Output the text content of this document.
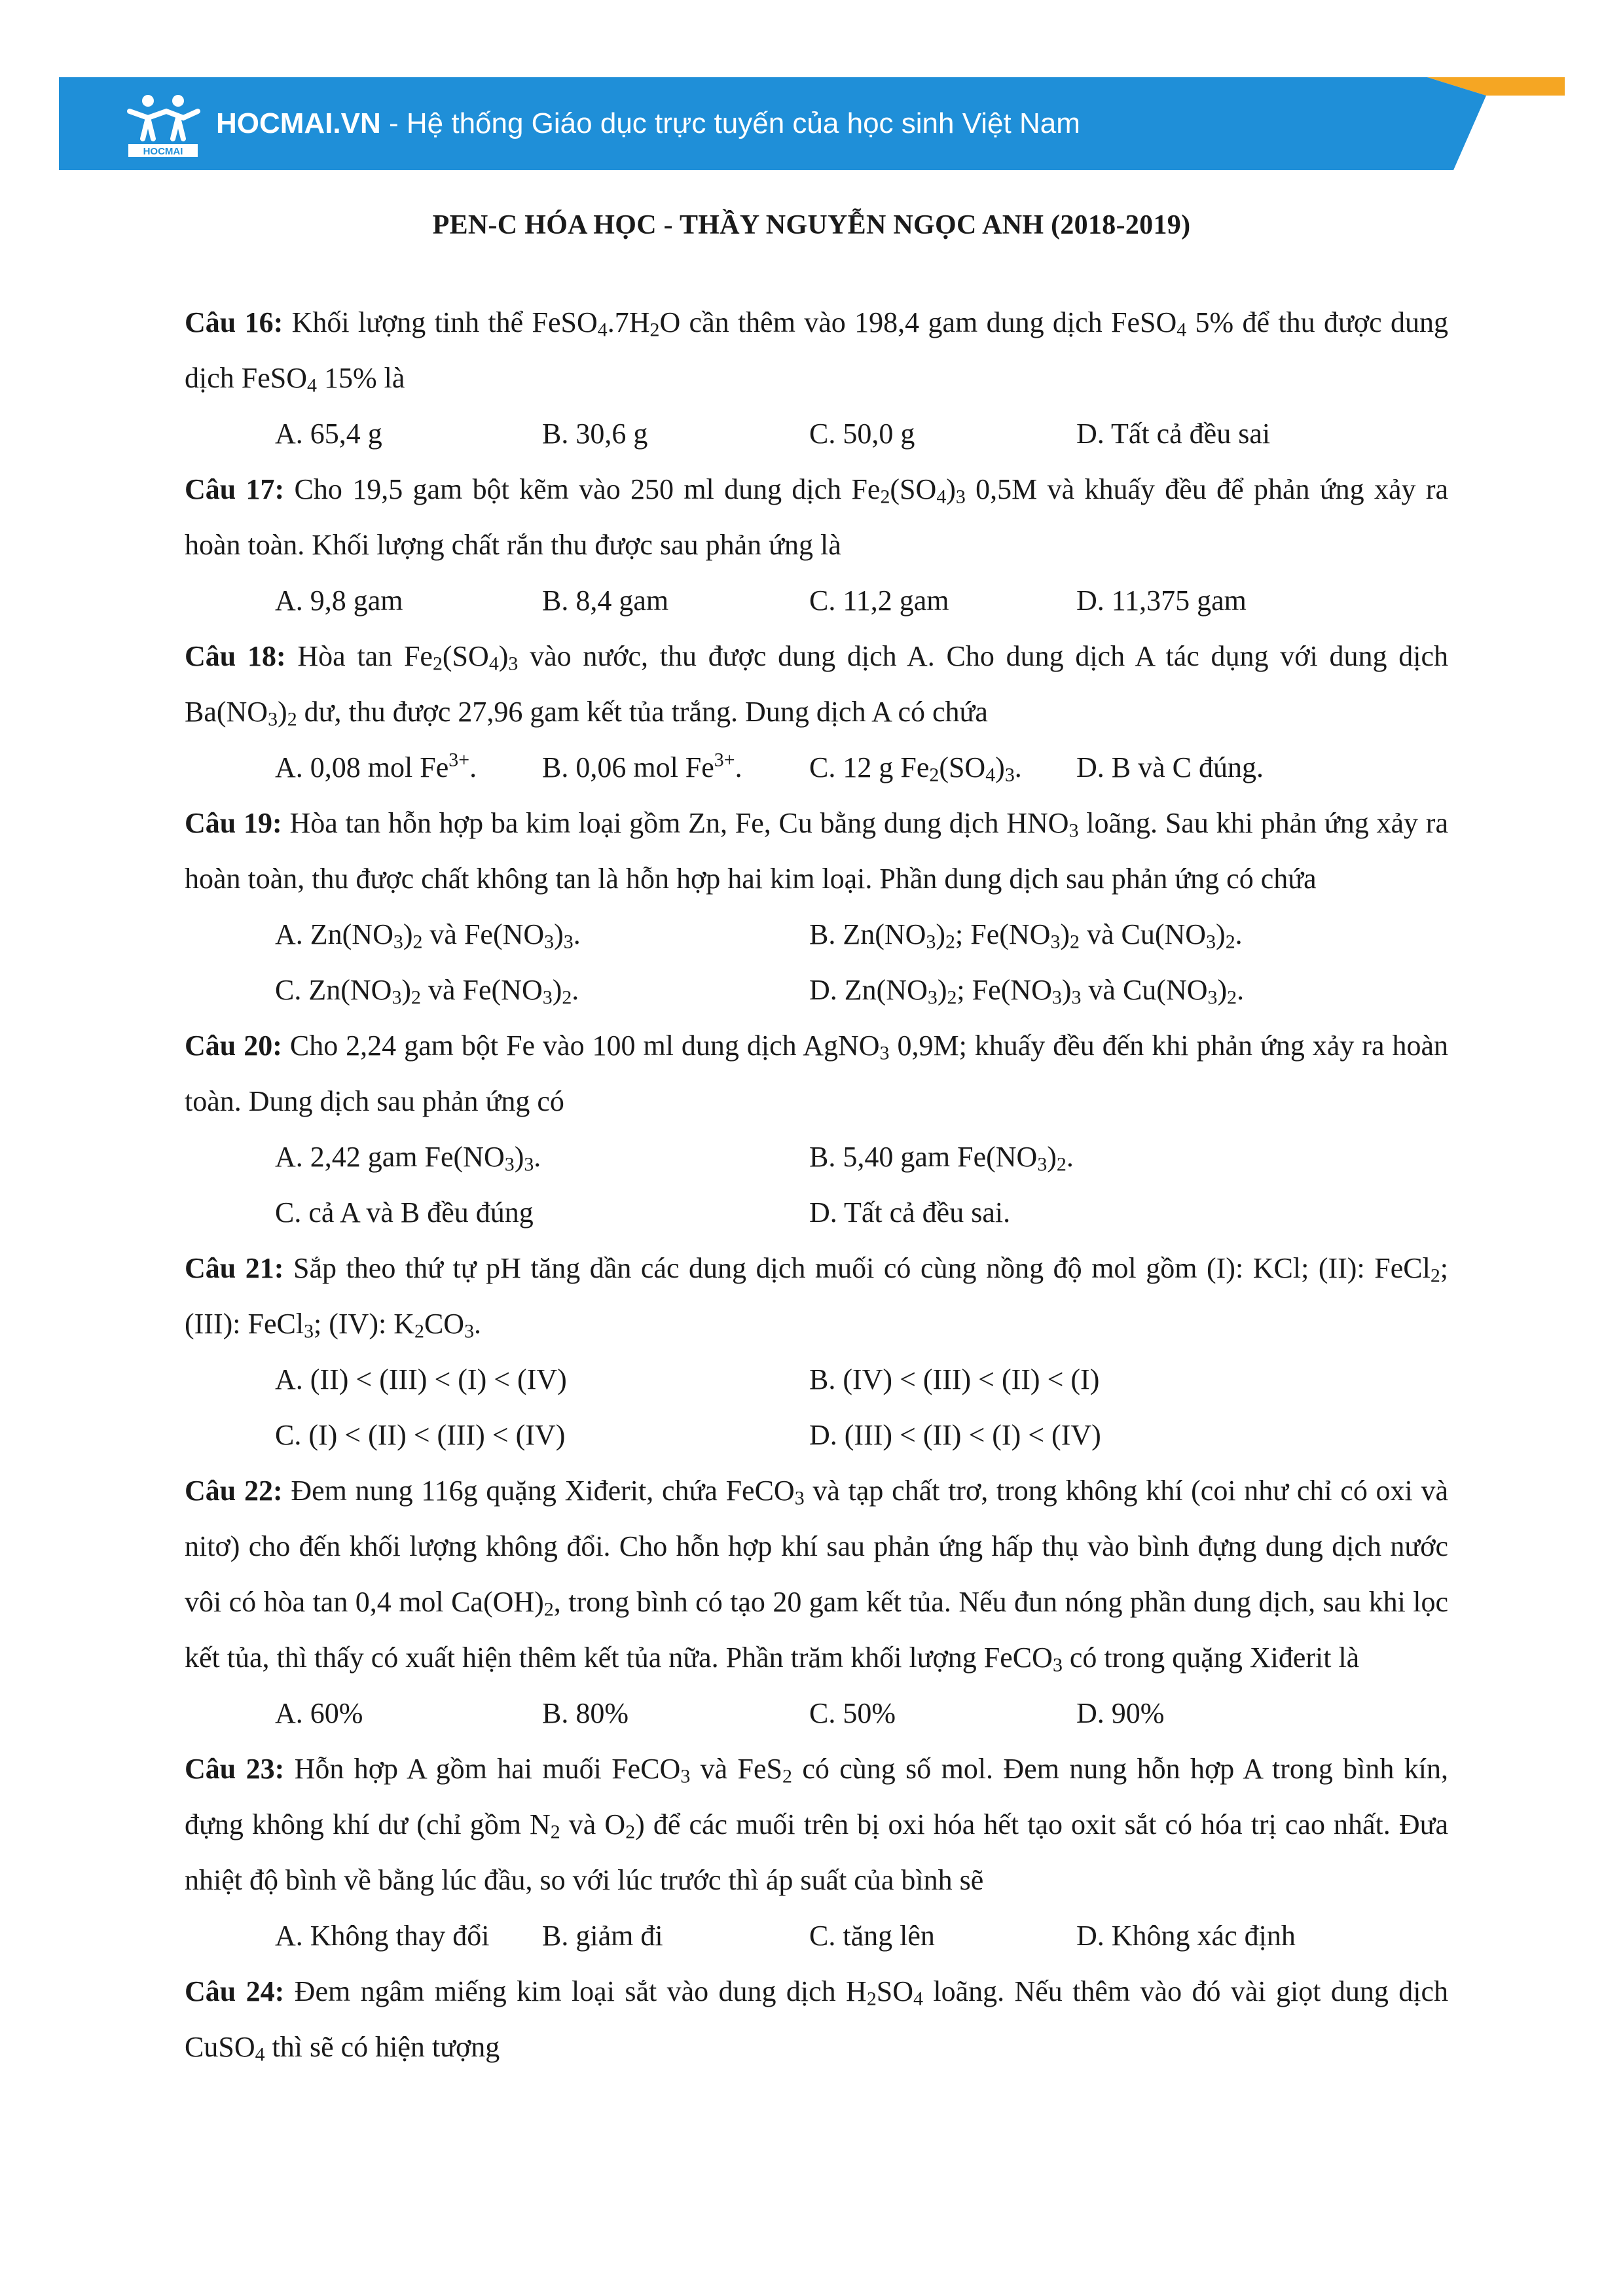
HOCMAI
HOCMAI.VN - Hệ thống Giáo dục trực tuyến của học sinh Việt Nam
PEN-C HÓA HỌC - THẦY NGUYỄN NGỌC ANH (2018-2019)

Câu 16: Khối lượng tinh thể $FeSO_4.7H_2O$ cần thêm vào 198,4 gam dung dịch FeSO$_4$ 5% để thu được dung dịch FeSO$_4$ 15% là

A. 65,4 g	B. 30,6 g	C. 50,0 g	D. Tất cả đều sai

Câu 17: Cho 19,5 gam bột kẽm vào 250 ml dung dịch $Fe_2(SO_4)_3$ 0,5M và khuấy đều để phản ứng xảy ra hoàn toàn. Khối lượng chất rắn thu được sau phản ứng là

A. 9,8 gam	B. 8,4 gam	C. 11,2 gam	D. 11,375 gam

Câu 18: Hòa $\tan Fe_2(SO_4)_3$ vào nước, thu được dung dịch A. Cho dung dịch A tác dụng với dung dịch $Ba(NO_3)_2$ dư, thu được 27,96 gam kết tủa trắng. Dung dịch A có chứa

A. 0,08 mol $Fe^{3+}$.	B. 0,06 mol $Fe^{3+}$.	C. 12 g $Fe_2(SO_4)_3$.	D. B và C đúng.

Câu 19: Hòa tan hỗn hợp ba kim loại gồm Zn, Fe, Cu bằng dung dịch $HNO_3$ loãng. Sau khi phản ứng xảy ra hoàn toàn, thu được chất không tan là hỗn hợp hai kim loại. Phần dung dịch sau phản ứng có chứa

A. $Zn(NO_3)_2$ và $Fe(NO_3)_3$.	B. $Zn(NO_3)_2$; $Fe(NO_3)_2$ và $Cu(NO_3)_2$.
C. $Zn(NO_3)_2$ và $Fe(NO_3)_2$.	D. $Zn(NO_3)_2$; $Fe(NO_3)_3$ và $Cu(NO_3)_2$.

Câu 20: Cho 2,24 gam bột Fe vào 100 ml dung dịch AgNO$_3$ 0,9M; khuấy đều đến khi phản ứng xảy ra hoàn toàn. Dung dịch sau phản ứng có

A. 2,42 gam $Fe(NO_3)_3$.	B. 5,40 gam $Fe(NO_3)_2$.
C. cả A và B đều đúng	D. Tất cả đều sai.

Câu 21: Sắp theo thứ tự pH tăng dần các dung dịch muối có cùng nồng độ mol gồm (I): KCl; (II): FeCl$_2$; (III): FeCl$_3$; (IV): $K_2CO_3$.

A. (II) < (III) < (I) < (IV)	B. (IV) < (III) < (II) < (I)
C. (I) < (II) < (III) < (IV)	D. (III) < (II) < (I) < (IV)

Câu 22: Đem nung 116g quặng Xiđerit, chứa FeCO$_3$ và tạp chất trơ, trong không khí (coi như chỉ có oxi và nitơ) cho đến khối lượng không đổi. Cho hỗn hợp khí sau phản ứng hấp thụ vào bình đựng dung dịch nước vôi có hòa tan 0,4 mol $Ca(OH)_2$, trong bình có tạo 20 gam kết tủa. Nếu đun nóng phần dung dịch, sau khi lọc kết tủa, thì thấy có xuất hiện thêm kết tủa nữa. Phần trăm khối lượng FeCO$_3$ có trong quặng Xiđerit là

A. 60%	B. 80%	C. 50%	D. 90%

Câu 23: Hỗn hợp A gồm hai muối FeCO$_3$ và FeS$_2$ có cùng số mol. Đem nung hỗn hợp A trong bình kín, đựng không khí dư (chỉ gồm $N_2$ và $O_2$) để các muối trên bị oxi hóa hết tạo oxit sắt có hóa trị cao nhất. Đưa nhiệt độ bình về bằng lúc đầu, so với lúc trước thì áp suất của bình sẽ

A. Không thay đổi	B. giảm đi	C. tăng lên	D. Không xác định

Câu 24: Đem ngâm miếng kim loại sắt vào dung dịch $H_2SO_4$ loãng. Nếu thêm vào đó vài giọt dung dịch CuSO$_4$ thì sẽ có hiện tượng
